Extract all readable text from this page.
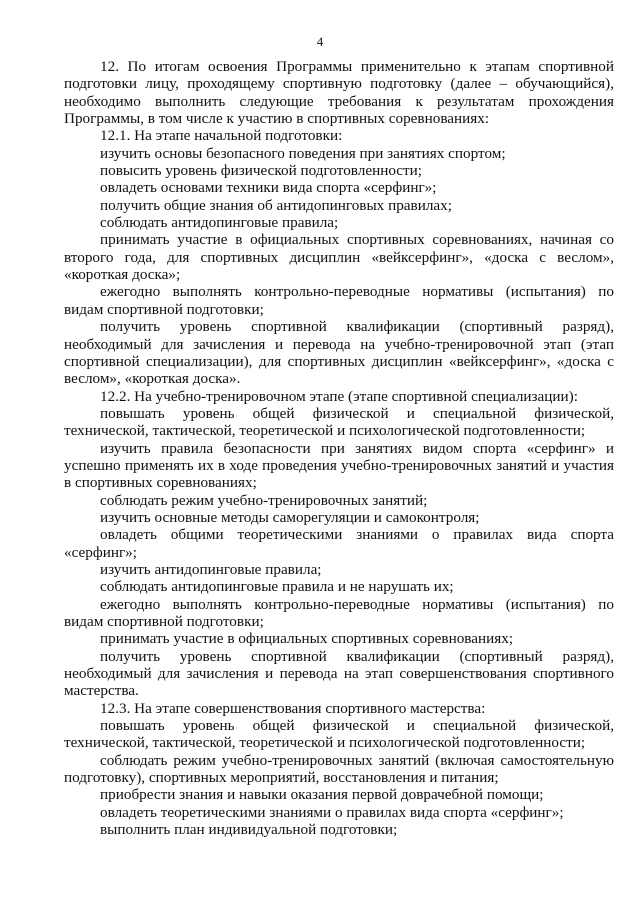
4

12. По итогам освоения Программы применительно к этапам спортивной подготовки лицу, проходящему спортивную подготовку (далее – обучающийся), необходимо выполнить следующие требования к результатам прохождения Программы, в том числе к участию в спортивных соревнованиях:

12.1. На этапе начальной подготовки:

изучить основы безопасного поведения при занятиях спортом;

повысить уровень физической подготовленности;

овладеть основами техники вида спорта «серфинг»;

получить общие знания об антидопинговых правилах;

соблюдать антидопинговые правила;

принимать участие в официальных спортивных соревнованиях, начиная со второго года, для спортивных дисциплин «вейксерфинг», «доска с веслом», «короткая доска»;

ежегодно выполнять контрольно-переводные нормативы (испытания) по видам спортивной подготовки;

получить уровень спортивной квалификации (спортивный разряд), необходимый для зачисления и перевода на учебно-тренировочной этап (этап спортивной специализации), для спортивных дисциплин «вейксерфинг», «доска с веслом», «короткая доска».

12.2. На учебно-тренировочном этапе (этапе спортивной специализации):

повышать уровень общей физической и специальной физической, технической, тактической, теоретической и психологической подготовленности;

изучить правила безопасности при занятиях видом спорта «серфинг» и успешно применять их в ходе проведения учебно-тренировочных занятий и участия в спортивных соревнованиях;

соблюдать режим учебно-тренировочных занятий;

изучить основные методы саморегуляции и самоконтроля;

овладеть общими теоретическими знаниями о правилах вида спорта «серфинг»;

изучить антидопинговые правила;

соблюдать антидопинговые правила и не нарушать их;

ежегодно выполнять контрольно-переводные нормативы (испытания) по видам спортивной подготовки;

принимать участие в официальных спортивных соревнованиях;

получить уровень спортивной квалификации (спортивный разряд), необходимый для зачисления и перевода на этап совершенствования спортивного мастерства.

12.3. На этапе совершенствования спортивного мастерства:

повышать уровень общей физической и специальной физической, технической, тактической, теоретической и психологической подготовленности;

соблюдать режим учебно-тренировочных занятий (включая самостоятельную подготовку), спортивных мероприятий, восстановления и питания;

приобрести знания и навыки оказания первой доврачебной помощи;

овладеть теоретическими знаниями о правилах вида спорта «серфинг»;

выполнить план индивидуальной подготовки;
